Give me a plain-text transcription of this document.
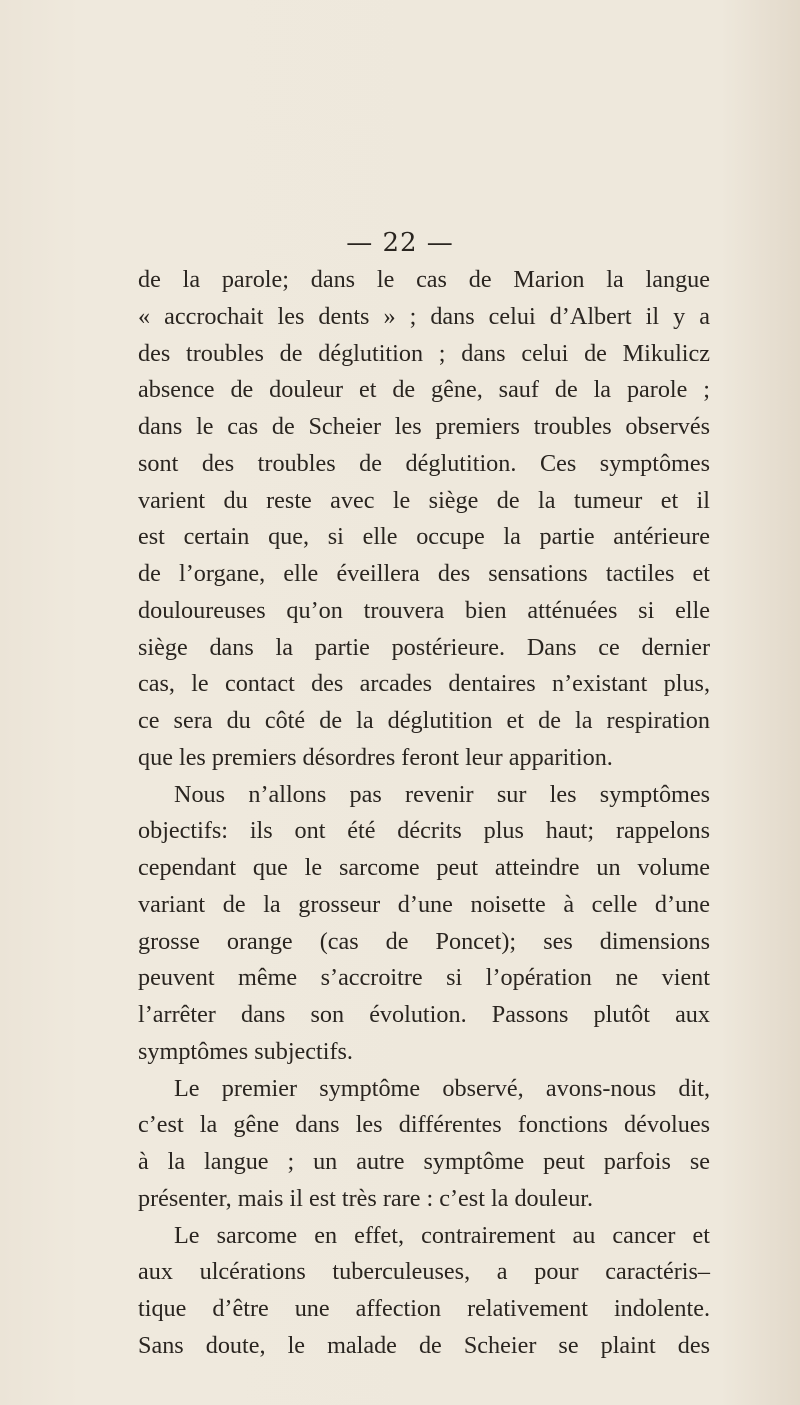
— 22 —
de la parole; dans le cas de Marion la langue
« accrochait les dents » ; dans celui d’Albert il y a
des troubles de déglutition ; dans celui de Mikulicz
absence de douleur et de gêne, sauf de la parole ;
dans le cas de Scheier les premiers troubles observés
sont des troubles de déglutition. Ces symptômes
varient du reste avec le siège de la tumeur et il
est certain que, si elle occupe la partie antérieure
de l’organe, elle éveillera des sensations tactiles et
douloureuses qu’on trouvera bien atténuées si elle
siège dans la partie postérieure. Dans ce dernier
cas, le contact des arcades dentaires n’existant plus,
ce sera du côté de la déglutition et de la respiration
que les premiers désordres feront leur apparition.
Nous n’allons pas revenir sur les symptômes
objectifs: ils ont été décrits plus haut; rappelons
cependant que le sarcome peut atteindre un volume
variant de la grosseur d’une noisette à celle d’une
grosse orange (cas de Poncet); ses dimensions
peuvent même s’accroitre si l’opération ne vient
l’arrêter dans son évolution. Passons plutôt aux
symptômes subjectifs.
Le premier symptôme observé, avons-nous dit,
c’est la gêne dans les différentes fonctions dévolues
à la langue ; un autre symptôme peut parfois se
présenter, mais il est très rare : c’est la douleur.
Le sarcome en effet, contrairement au cancer et
aux ulcérations tuberculeuses, a pour caractéris–
tique d’être une affection relativement indolente.
Sans doute, le malade de Scheier se plaint des
